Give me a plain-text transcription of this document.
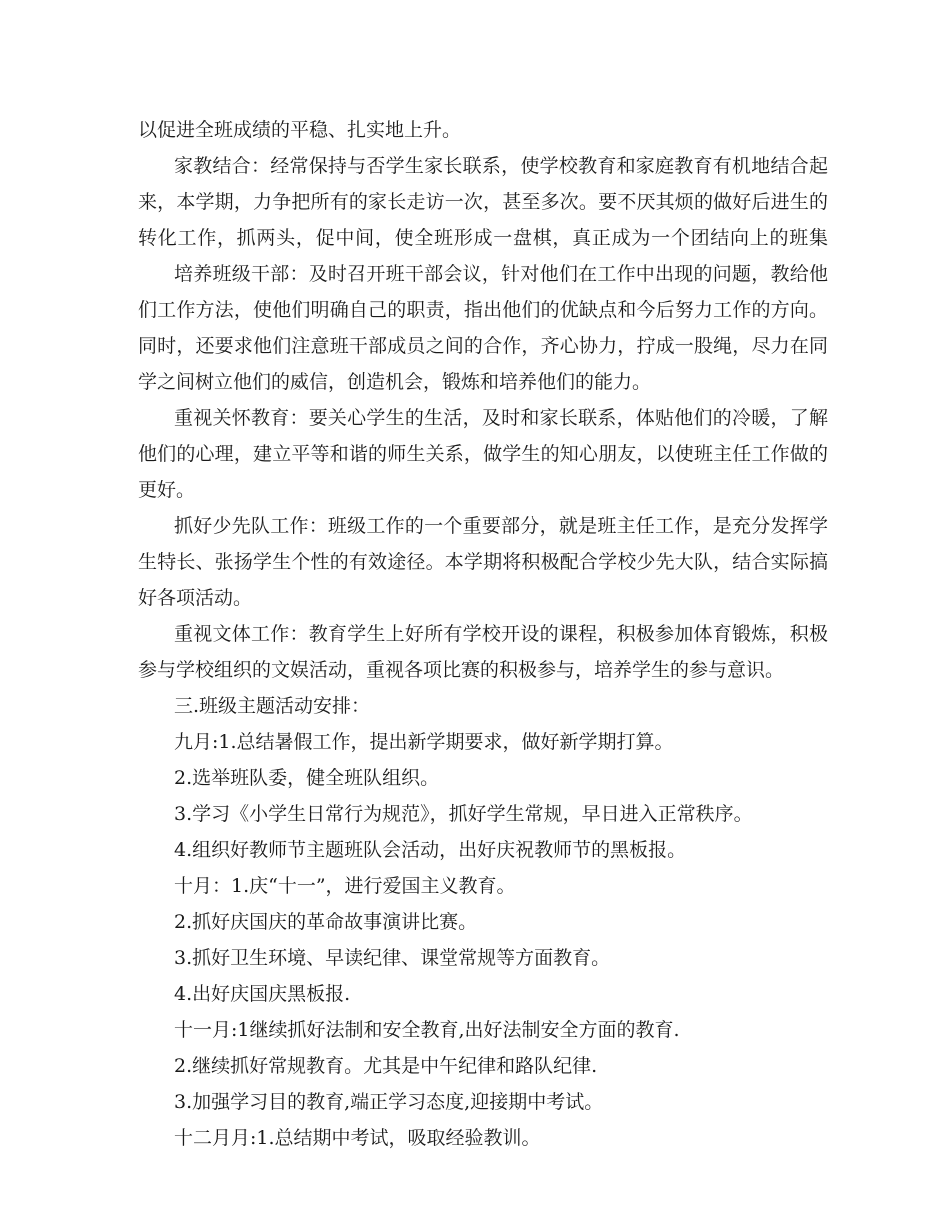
以促进全班成绩的平稳、扎实地上升。
家教结合：经常保持与否学生家长联系，使学校教育和家庭教育有机地结合起
来，本学期，力争把所有的家长走访一次，甚至多次。要不厌其烦的做好后进生的
转化工作，抓两头，促中间，使全班形成一盘棋，真正成为一个团结向上的班集
培养班级干部：及时召开班干部会议，针对他们在工作中出现的问题，教给他
们工作方法，使他们明确自己的职责，指出他们的优缺点和今后努力工作的方向。
同时，还要求他们注意班干部成员之间的合作，齐心协力，拧成一股绳，尽力在同
学之间树立他们的威信，创造机会，锻炼和培养他们的能力。
重视关怀教育：要关心学生的生活，及时和家长联系，体贴他们的冷暖，了解
他们的心理，建立平等和谐的师生关系，做学生的知心朋友，以使班主任工作做的
更好。
抓好少先队工作：班级工作的一个重要部分，就是班主任工作，是充分发挥学
生特长、张扬学生个性的有效途径。本学期将积极配合学校少先大队，结合实际搞
好各项活动。
重视文体工作：教育学生上好所有学校开设的课程，积极参加体育锻炼，积极
参与学校组织的文娱活动，重视各项比赛的积极参与，培养学生的参与意识。
三.班级主题活动安排：
九月:1.总结暑假工作，提出新学期要求，做好新学期打算。
2.选举班队委，健全班队组织。
3.学习《小学生日常行为规范》，抓好学生常规，早日进入正常秩序。
4.组织好教师节主题班队会活动，出好庆祝教师节的黑板报。
十月：1.庆“十一”，进行爱国主义教育。
2.抓好庆国庆的革命故事演讲比赛。
3.抓好卫生环境、早读纪律、课堂常规等方面教育。
4.出好庆国庆黑板报.
十一月:1继续抓好法制和安全教育,出好法制安全方面的教育.
2.继续抓好常规教育。尤其是中午纪律和路队纪律.
3.加强学习目的教育,端正学习态度,迎接期中考试。
十二月月:1.总结期中考试，吸取经验教训。
